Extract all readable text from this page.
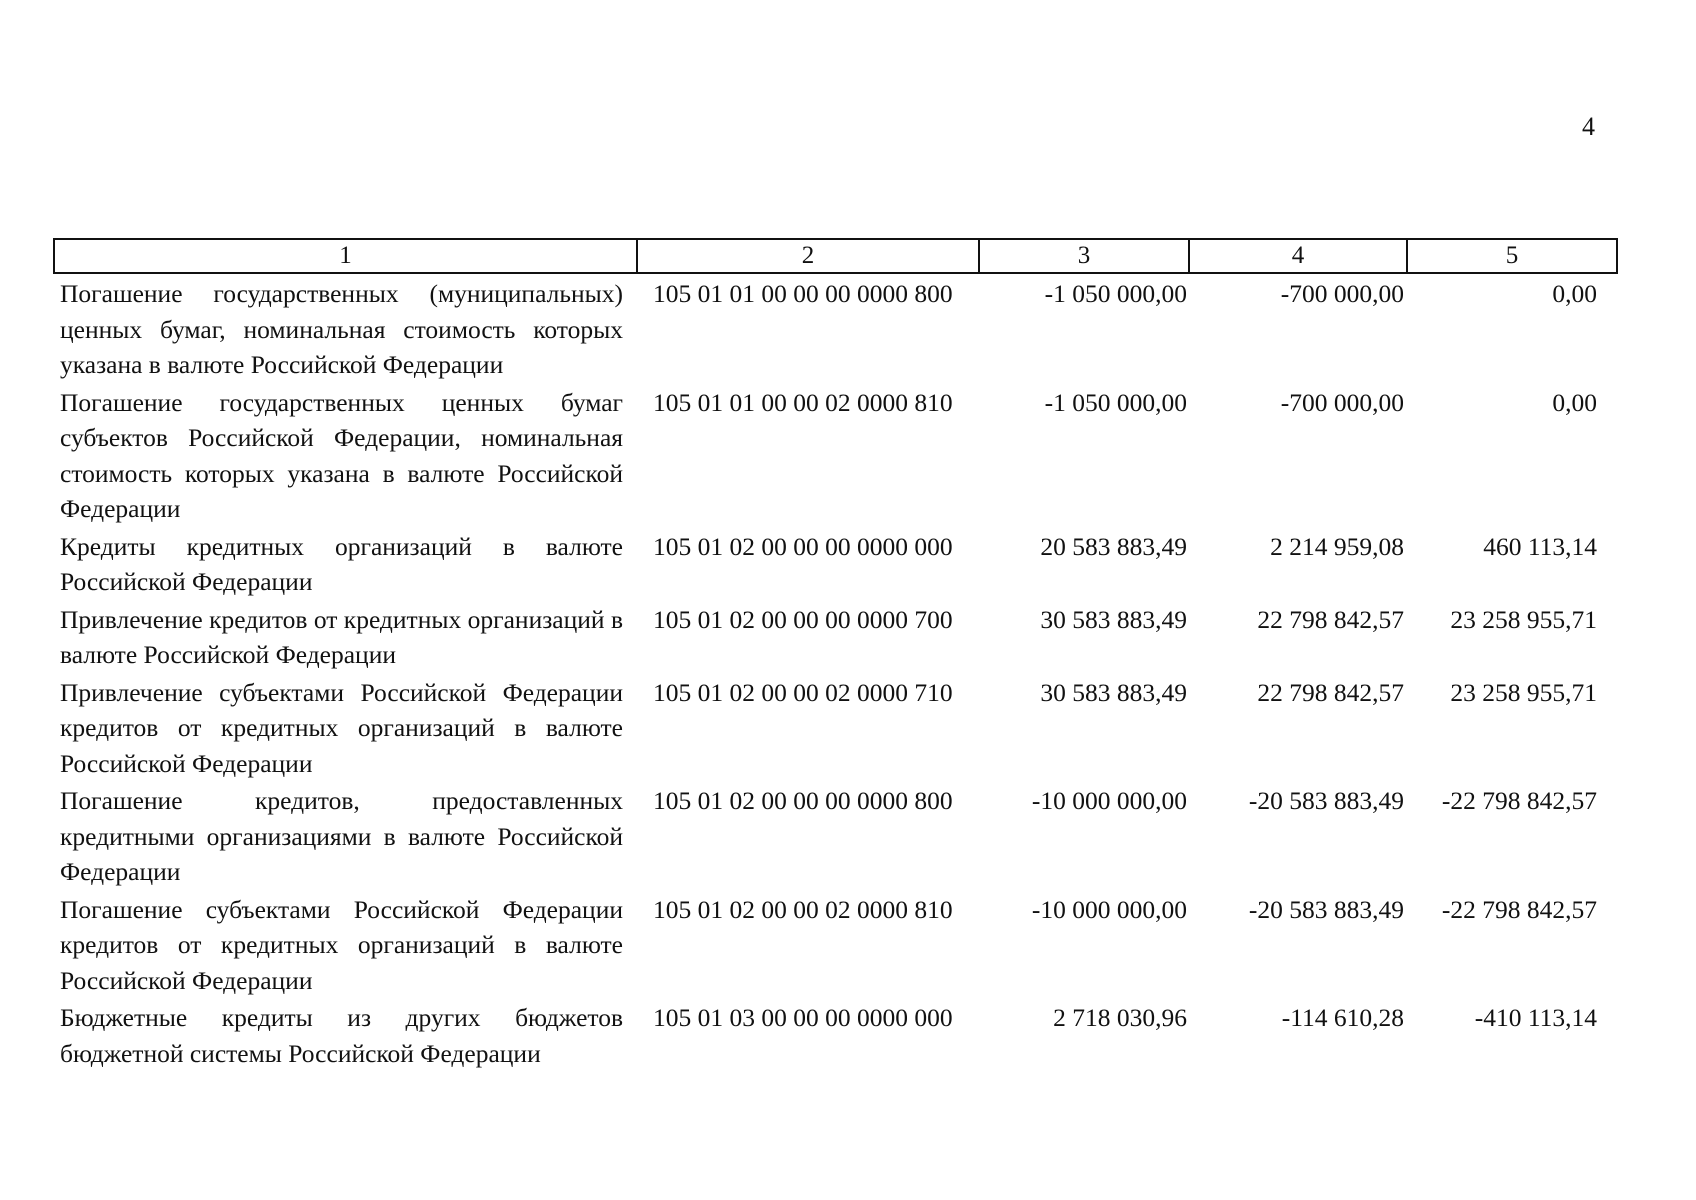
4
1	2	3	4	5
Погашение государственных (муниципальных) ценных бумаг, номинальная стоимость которых указана в валюте Российской Федерации	105 01 01 00 00 00 0000 800	-1 050 000,00	-700 000,00	0,00
Погашение государственных ценных бумаг субъектов Российской Федерации, номинальная стоимость которых указана в валюте Российской Федерации	105 01 01 00 00 02 0000 810	-1 050 000,00	-700 000,00	0,00
Кредиты кредитных организаций в валюте Российской Федерации	105 01 02 00 00 00 0000 000	20 583 883,49	2 214 959,08	460 113,14
Привлечение кредитов от кредитных организаций в валюте Российской Федерации	105 01 02 00 00 00 0000 700	30 583 883,49	22 798 842,57	23 258 955,71
Привлечение субъектами Российской Федерации кредитов от кредитных организаций в валюте Российской Федерации	105 01 02 00 00 02 0000 710	30 583 883,49	22 798 842,57	23 258 955,71
Погашение кредитов, предоставленных кредитными организациями в валюте Российской Федерации	105 01 02 00 00 00 0000 800	-10 000 000,00	-20 583 883,49	-22 798 842,57
Погашение субъектами Российской Федерации кредитов от кредитных организаций в валюте Российской Федерации	105 01 02 00 00 02 0000 810	-10 000 000,00	-20 583 883,49	-22 798 842,57
Бюджетные кредиты из других бюджетов бюджетной системы Российской Федерации	105 01 03 00 00 00 0000 000	2 718 030,96	-114 610,28	-410 113,14
